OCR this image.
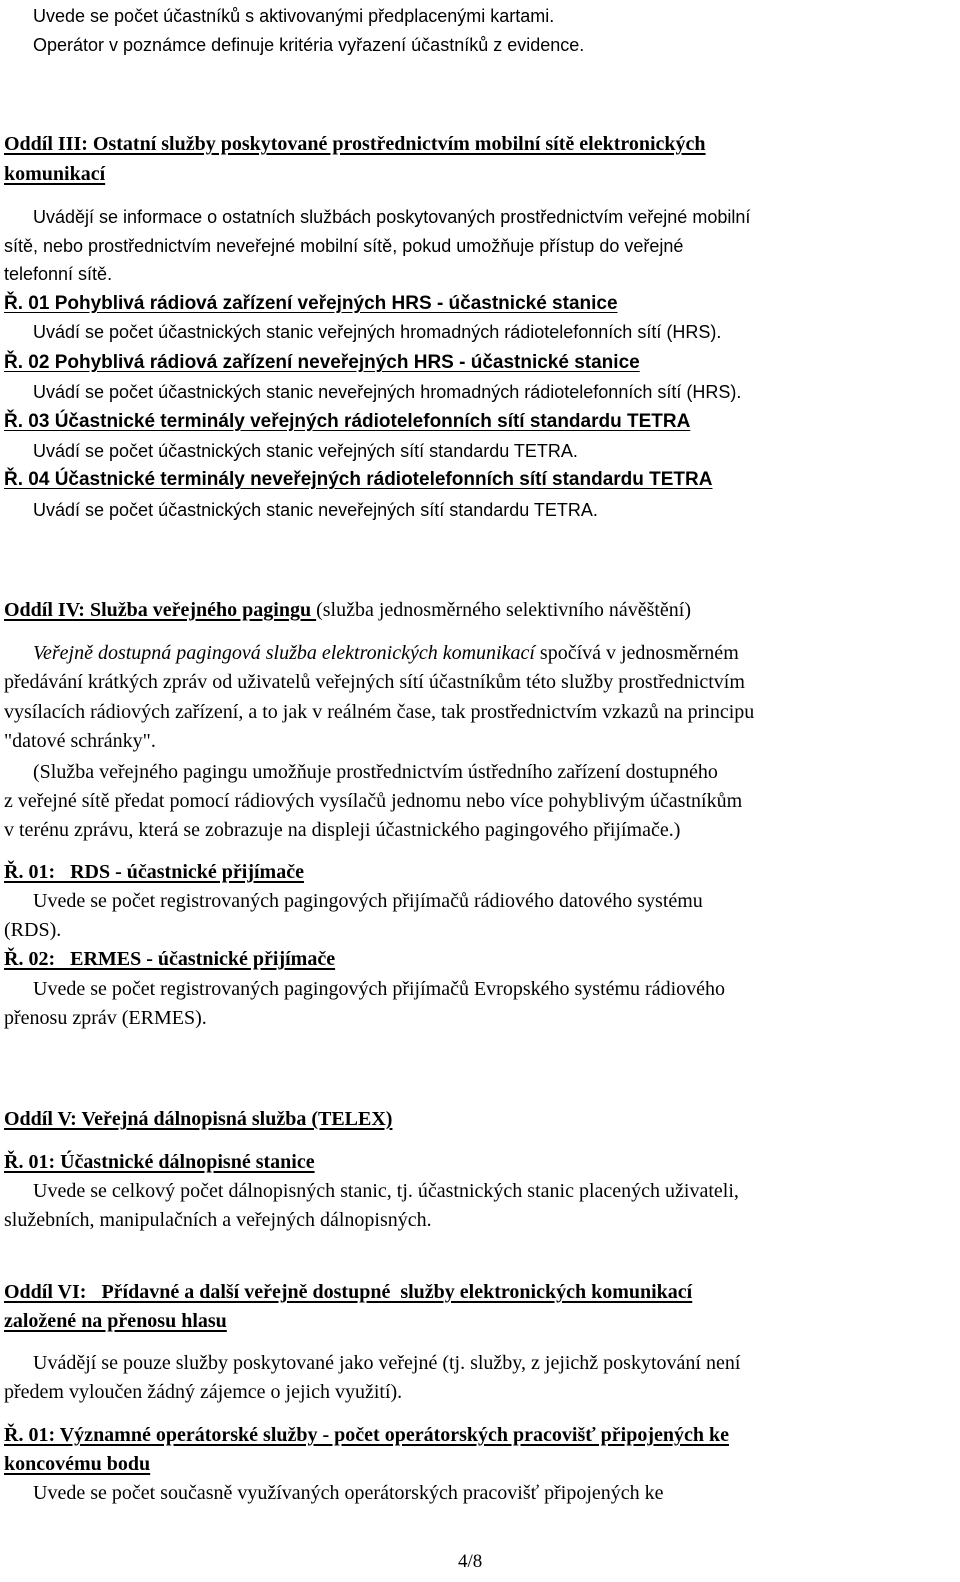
Uvede se počet účastníků s aktivovanými předplacenými kartami.
Operátor v poznámce definuje kritéria vyřazení účastníků z evidence.
Oddíl III: Ostatní služby poskytované prostřednictvím mobilní sítě elektronických
komunikací
Uvádějí se informace o ostatních službách poskytovaných prostřednictvím veřejné mobilní
sítě, nebo prostřednictvím neveřejné mobilní sítě, pokud umožňuje přístup do veřejné
telefonní sítě.
Ř. 01 Pohyblivá rádiová zařízení veřejných HRS - účastnické stanice
Uvádí se počet účastnických stanic veřejných hromadných rádiotelefonních sítí (HRS).
Ř. 02 Pohyblivá rádiová zařízení neveřejných HRS - účastnické stanice
Uvádí se počet účastnických stanic neveřejných hromadných rádiotelefonních sítí (HRS).
Ř. 03 Účastnické terminály veřejných rádiotelefonních sítí standardu TETRA
Uvádí se počet účastnických stanic veřejných sítí standardu TETRA.
Ř. 04 Účastnické terminály neveřejných rádiotelefonních sítí standardu TETRA
Uvádí se počet účastnických stanic neveřejných sítí standardu TETRA.
Oddíl IV: Služba veřejného pagingu (služba jednosměrného selektivního návěštění)
Veřejně dostupná pagingová služba elektronických komunikací spočívá v jednosměrném
předávání krátkých zpráv od uživatelů veřejných sítí účastníkům této služby prostřednictvím
vysílacích rádiových zařízení, a to jak v reálném čase, tak prostřednictvím vzkazů na principu
"datové schránky".
(Služba veřejného pagingu umožňuje prostřednictvím ústředního zařízení dostupného
z veřejné sítě předat pomocí rádiových vysílačů jednomu nebo více pohyblivým účastníkům
v terénu zprávu, která se zobrazuje na displeji účastnického pagingového přijímače.)
Ř. 01:   RDS - účastnické přijímače
Uvede se počet registrovaných pagingových přijímačů rádiového datového systému
(RDS).
Ř. 02:   ERMES - účastnické přijímače
Uvede se počet registrovaných pagingových přijímačů Evropského systému rádiového
přenosu zpráv (ERMES).
Oddíl V: Veřejná dálnopisná služba (TELEX)
Ř. 01: Účastnické dálnopisné stanice
Uvede se celkový počet dálnopisných stanic, tj. účastnických stanic placených uživateli,
služebních, manipulačních a veřejných dálnopisných.
Oddíl VI:   Přídavné a další veřejně dostupné  služby elektronických komunikací
založené na přenosu hlasu
Uvádějí se pouze služby poskytované jako veřejné (tj. služby, z jejichž poskytování není
předem vyloučen žádný zájemce o jejich využití).
Ř. 01: Významné operátorské služby - počet operátorských pracovišť připojených ke
koncovému bodu
Uvede se počet současně využívaných operátorských pracovišť připojených ke
4/8
